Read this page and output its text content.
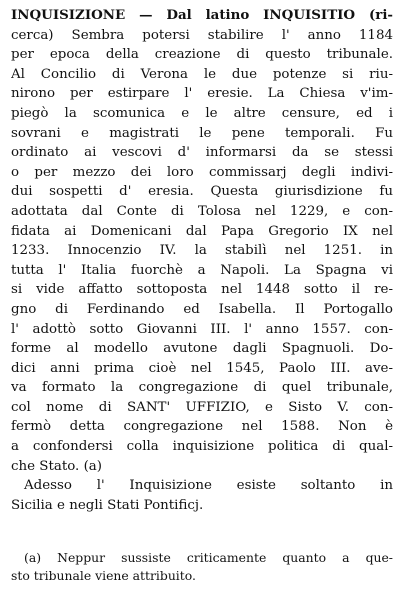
INQUISIZIONE — Dal latino INQUISITIO (ri-
cerca) Sembra potersi stabilire l' anno 1184
per epoca della creazione di questo tribunale.
Al Concilio di Verona le due potenze si riu-
nirono per estirpare l' eresie. La Chiesa v'im-
piegò la scomunica e le altre censure, ed i
sovrani e magistrati le pene temporali. Fu
ordinato ai vescovi d' informarsi da se stessi
o per mezzo dei loro commissarj degli indivi-
dui sospetti d' eresia. Questa giurisdizione fu
adottata dal Conte di Tolosa nel 1229, e con-
fidata ai Domenicani dal Papa Gregorio IX nel
1233. Innocenzio IV. la stabilì nel 1251. in
tutta l' Italia fuorchè a Napoli. La Spagna vi
si vide affatto sottoposta nel 1448 sotto il re-
gno di Ferdinando ed Isabella. Il Portogallo
l' adottò sotto Giovanni III. l' anno 1557. con-
forme al modello avutone dagli Spagnuoli. Do-
dici anni prima cioè nel 1545, Paolo III. ave-
va formato la congregazione di quel tribunale,
col nome di SANT' UFFIZIO, e Sisto V. con-
fermò detta congregazione nel 1588. Non è
a confondersi colla inquisizione politica di qual-
che Stato. (a)
Adesso l' Inquisizione esiste soltanto in
Sicilia e negli Stati Pontificj.
(a) Neppur sussiste criticamente quanto a que-
sto tribunale viene attribuito.
